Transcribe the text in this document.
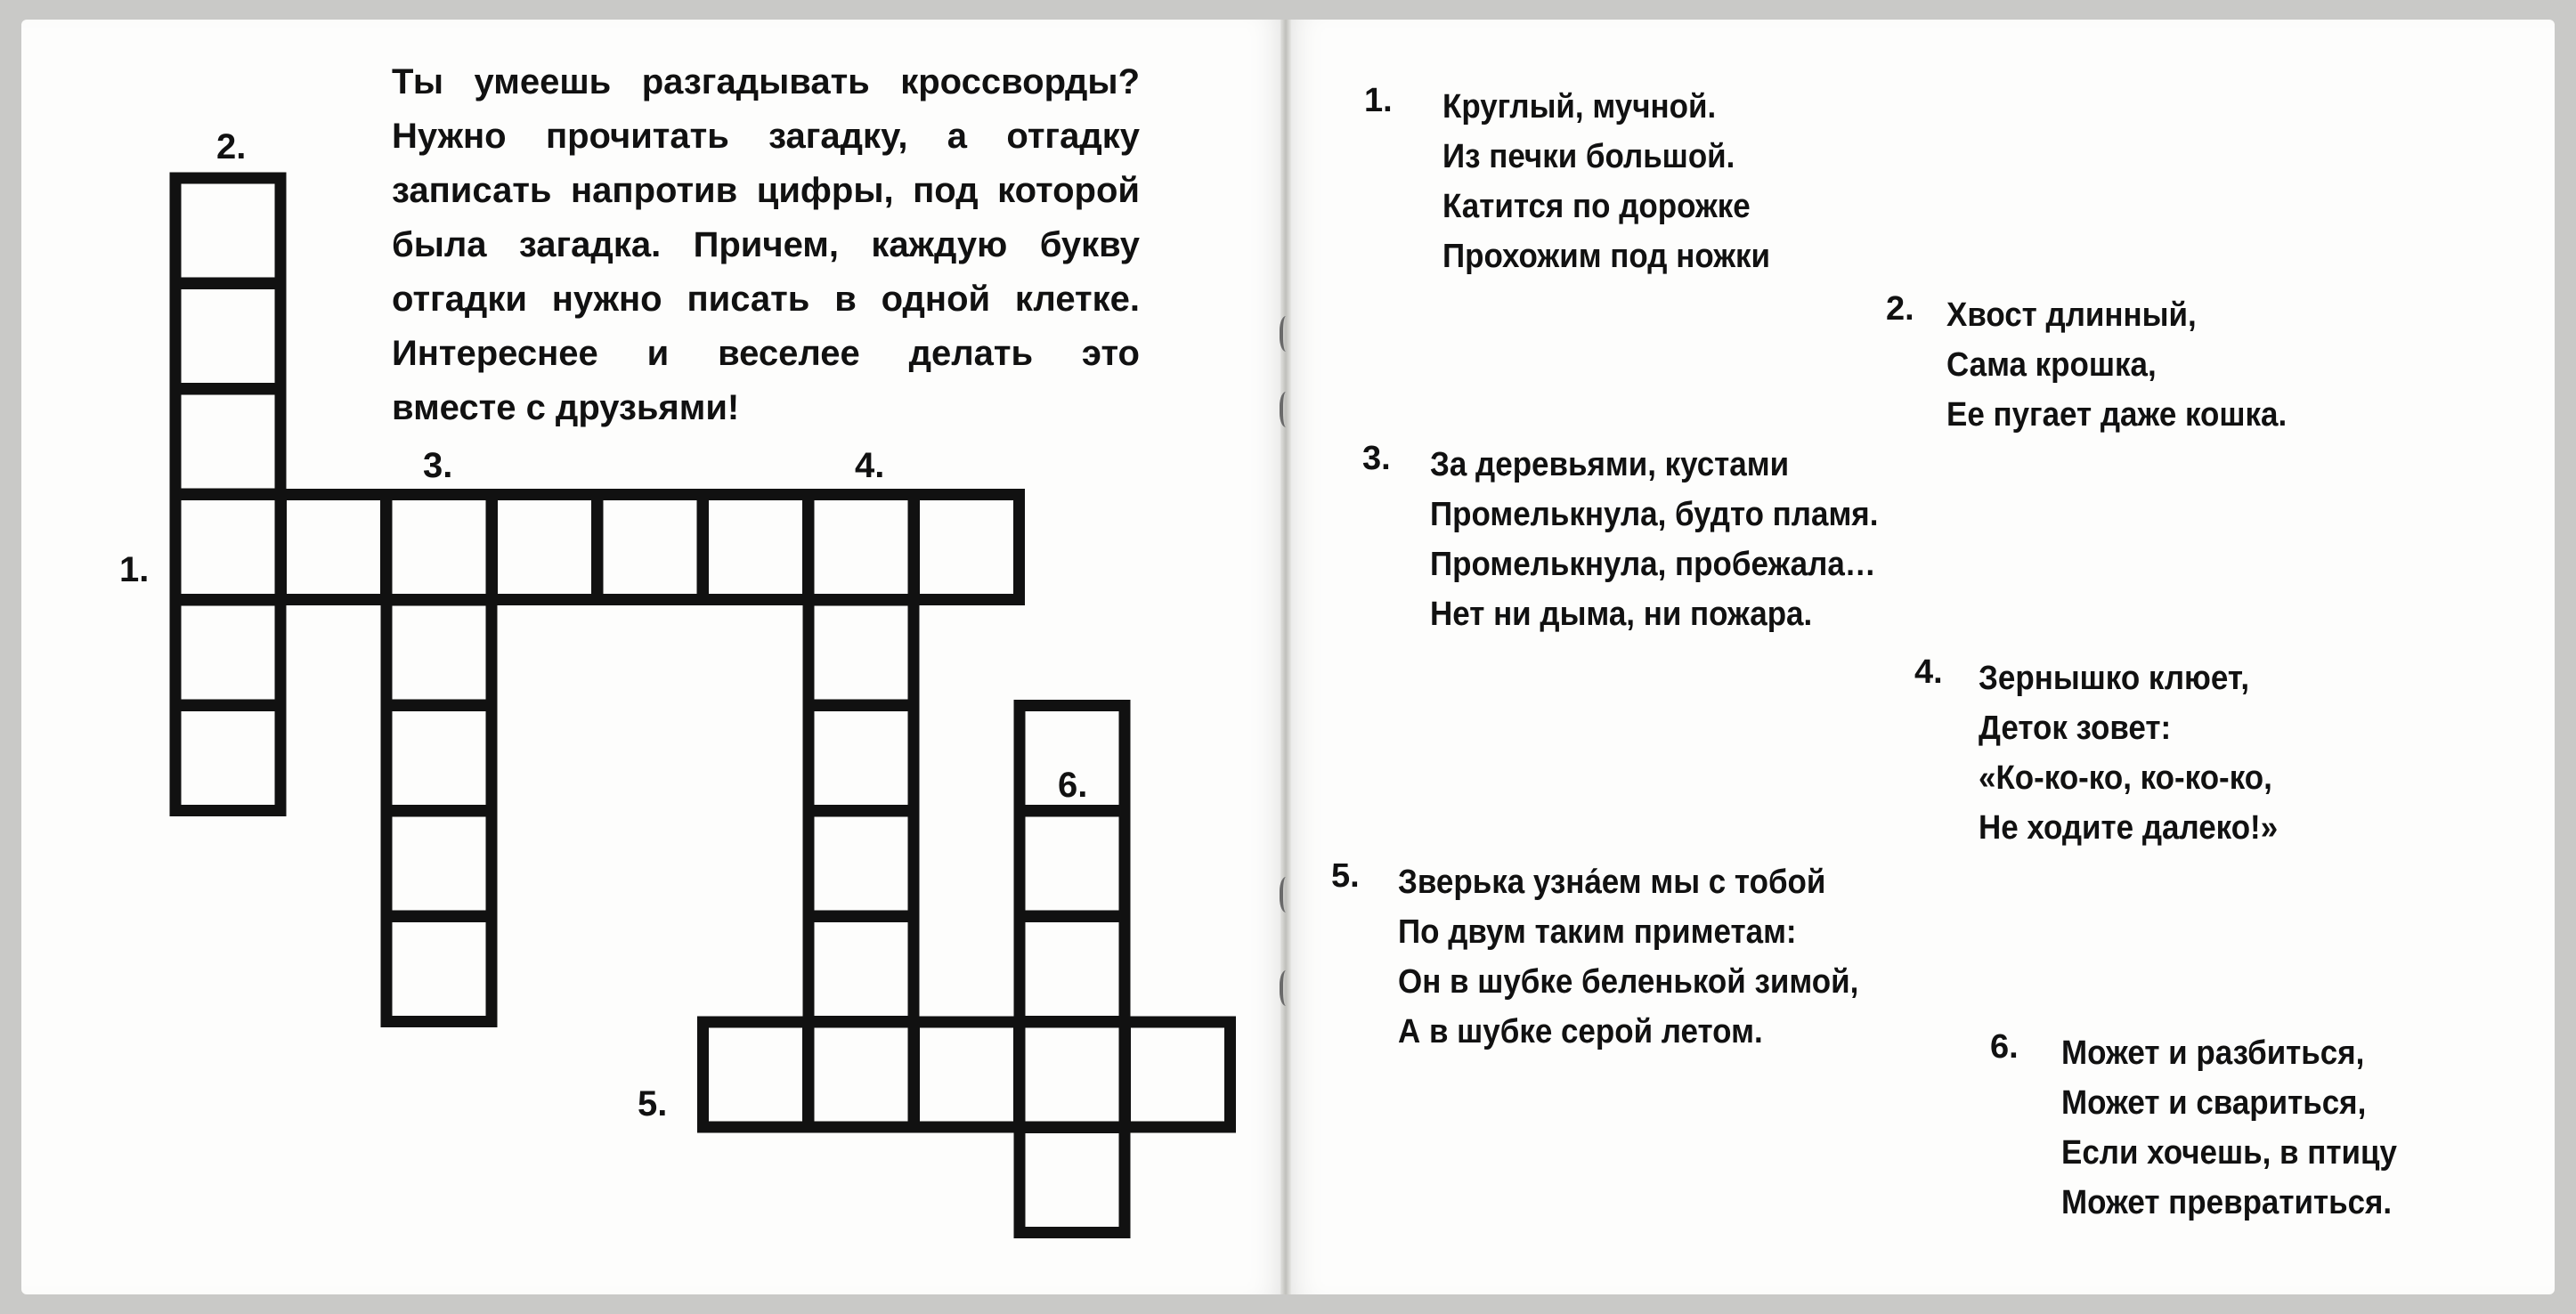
Ты умеешь разгадывать кроссворды?
Нужно прочитать загадку, а отгадку
записать напротив цифры, под которой
была загадка. Причем, каждую букву
отгадки нужно писать в одной клетке.
Интереснее и веселее делать это
вместе с друзьями!
2.
1.
3.	4.
5.
6.
1. Круглый, мучной.
Из печки большой.
Катится по дорожке
Прохожим под ножки
2. Хвост длинный,
Сама крошка,
Ее пугает даже кошка.
3. За деревьями, кустами
Промелькнула, будто пламя.
Промелькнула, пробежала…
Нет ни дыма, ни пожара.
4. Зернышко клюет,
Деток зовет:
«Ко-ко-ко, ко-ко-ко,
Не ходите далеко!»
5. Зверька узна́ем мы с тобой
По двум таким приметам:
Он в шубке беленькой зимой,
А в шубке серой летом.	6. Может и разбиться,
Может и свариться,
Если хочешь, в птицу
Может превратиться.
